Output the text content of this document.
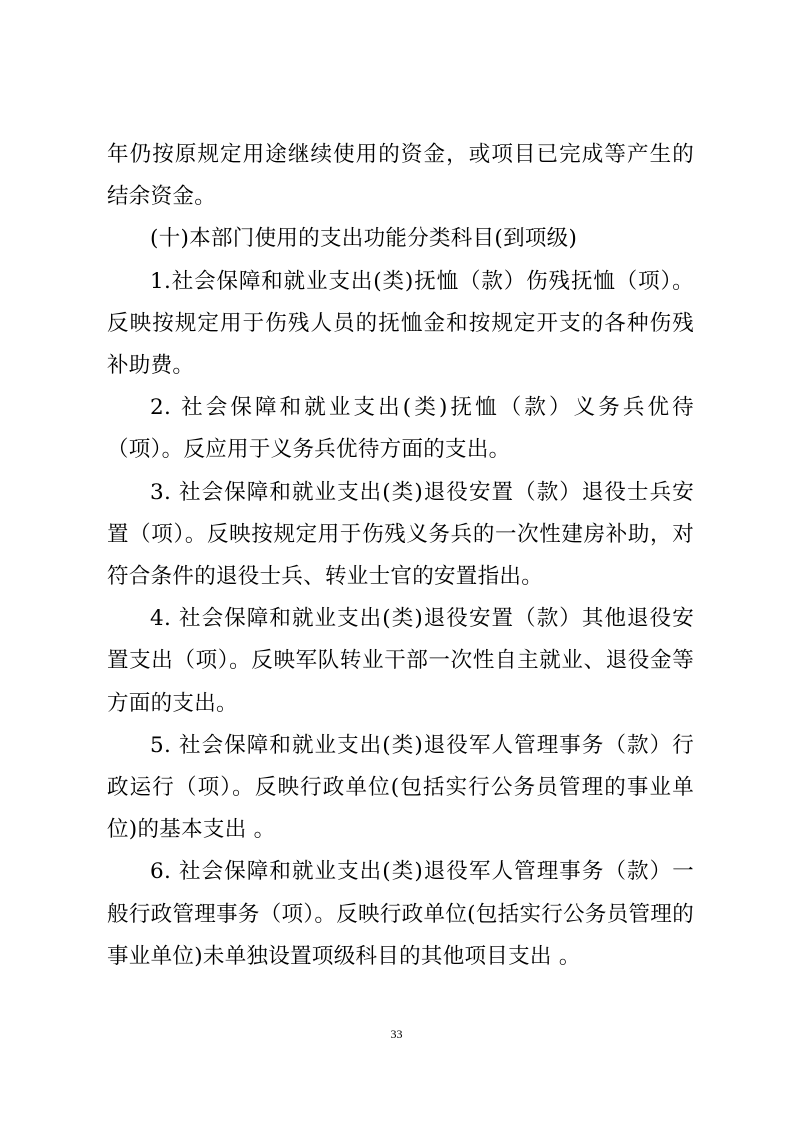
年仍按原规定用途继续使用的资金，或项目已完成等产生的结余资金。

(十)本部门使用的支出功能分类科目(到项级)

1.社会保障和就业支出(类)抚恤（款）伤残抚恤（项）。反映按规定用于伤残人员的抚恤金和按规定开支的各种伤残补助费。

2. 社会保障和就业支出(类)抚恤（款）义务兵优待（项）。反应用于义务兵优待方面的支出。

3. 社会保障和就业支出(类)退役安置（款）退役士兵安置（项）。反映按规定用于伤残义务兵的一次性建房补助，对符合条件的退役士兵、转业士官的安置指出。

4. 社会保障和就业支出(类)退役安置（款）其他退役安置支出（项）。反映军队转业干部一次性自主就业、退役金等方面的支出。

5. 社会保障和就业支出(类)退役军人管理事务（款）行政运行（项）。反映行政单位(包括实行公务员管理的事业单位)的基本支出 。

6. 社会保障和就业支出(类)退役军人管理事务（款）一般行政管理事务（项）。反映行政单位(包括实行公务员管理的事业单位)未单独设置项级科目的其他项目支出 。

33
